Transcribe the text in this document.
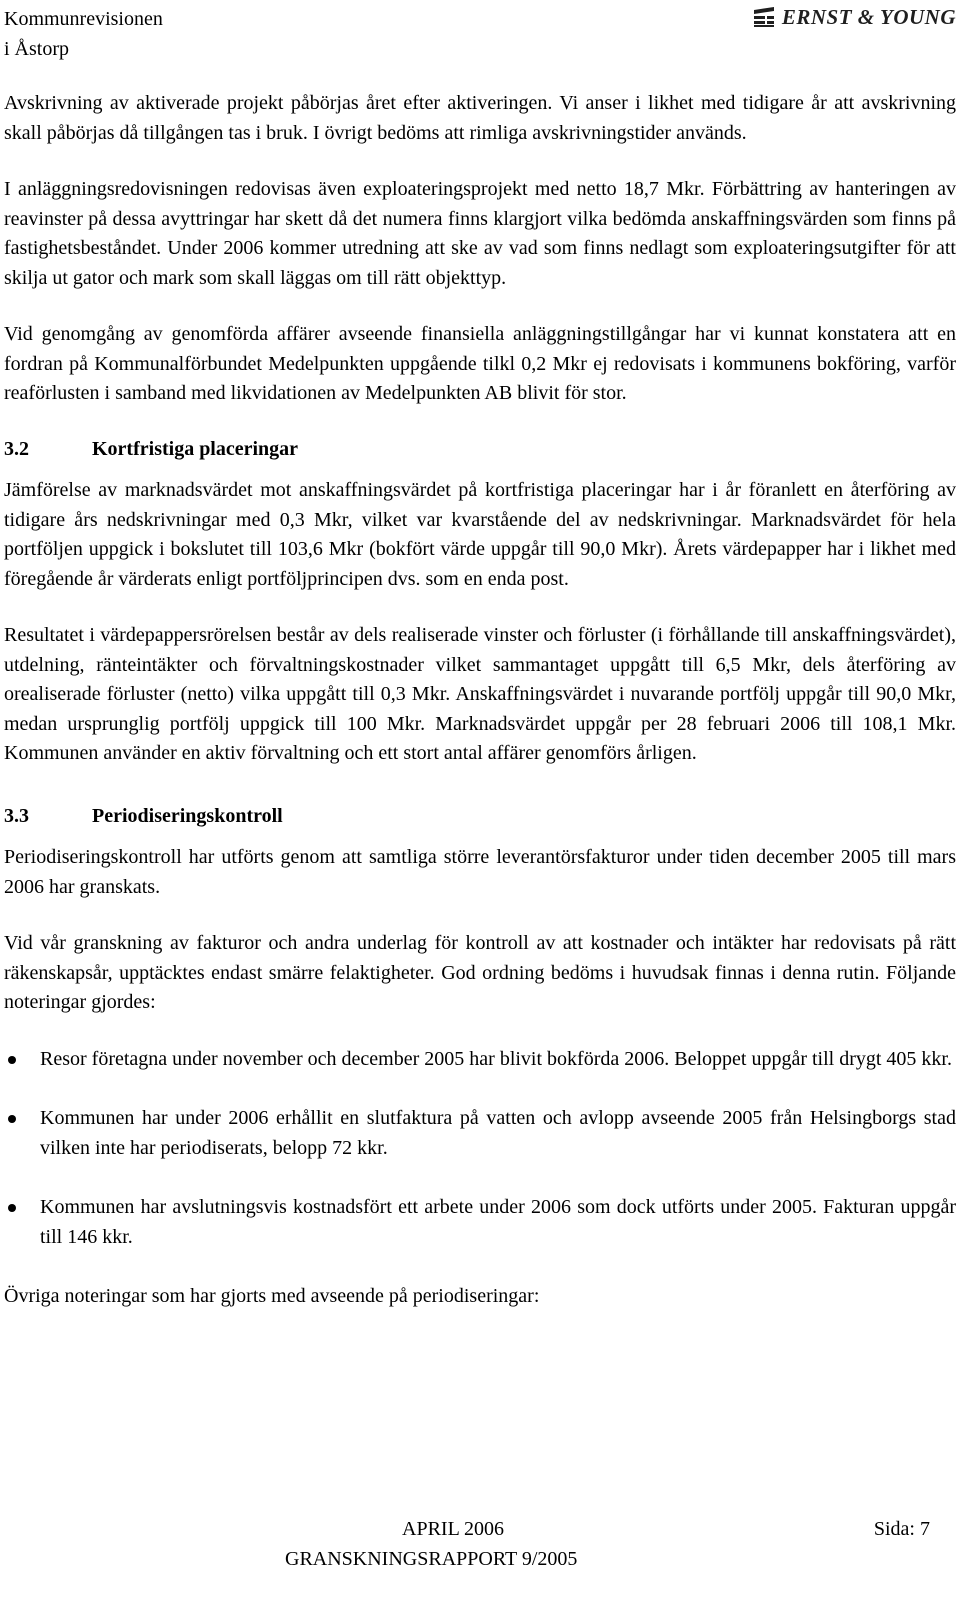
Kommunrevisionen
i Åstorp
ERNST & YOUNG

Avskrivning av aktiverade projekt påbörjas året efter aktiveringen. Vi anser i likhet med tidigare år att avskrivning skall påbörjas då tillgången tas i bruk. I övrigt bedöms att rimliga avskrivningstider används.

I anläggningsredovisningen redovisas även exploateringsprojekt med netto 18,7 Mkr. Förbättring av hanteringen av reavinster på dessa avyttringar har skett då det numera finns klargjort vilka bedömda anskaffningsvärden som finns på fastighetsbeståndet. Under 2006 kommer utredning att ske av vad som finns nedlagt som exploateringsutgifter för att skilja ut gator och mark som skall läggas om till rätt objekttyp.

Vid genomgång av genomförda affärer avseende finansiella anläggningstillgångar har vi kunnat konstatera att en fordran på Kommunalförbundet Medelpunkten uppgående tilkl 0,2 Mkr ej redovisats i kommunens bokföring, varför reaförlusten i samband med likvidationen av Medelpunkten AB blivit för stor.

3.2	Kortfristiga placeringar

Jämförelse av marknadsvärdet mot anskaffningsvärdet på kortfristiga placeringar har i år föranlett en återföring av tidigare års nedskrivningar med 0,3 Mkr, vilket var kvarstående del av nedskrivningar. Marknadsvärdet för hela portföljen uppgick i bokslutet till 103,6 Mkr (bokfört värde uppgår till 90,0 Mkr). Årets värdepapper har i likhet med föregående år värderats enligt portföljprincipen dvs. som en enda post.

Resultatet i värdepappersrörelsen består av dels realiserade vinster och förluster (i förhållande till anskaffningsvärdet), utdelning, ränteintäkter och förvaltningskostnader vilket sammantaget uppgått till 6,5 Mkr, dels återföring av orealiserade förluster (netto) vilka uppgått till 0,3 Mkr. Anskaffningsvärdet i nuvarande portfölj uppgår till 90,0 Mkr, medan ursprunglig portfölj uppgick till 100 Mkr. Marknadsvärdet uppgår per 28 februari 2006 till 108,1 Mkr. Kommunen använder en aktiv förvaltning och ett stort antal affärer genomförs årligen.

3.3	Periodiseringskontroll

Periodiseringskontroll har utförts genom att samtliga större leverantörsfakturor under tiden december 2005 till mars 2006 har granskats.

Vid vår granskning av fakturor och andra underlag för kontroll av att kostnader och intäkter har redovisats på rätt räkenskapsår, upptäcktes endast smärre felaktigheter. God ordning bedöms i huvudsak finnas i denna rutin. Följande noteringar gjordes:

Resor företagna under november och december 2005 har blivit bokförda 2006. Beloppet uppgår till drygt 405 kkr.
Kommunen har under 2006 erhållit en slutfaktura på vatten och avlopp avseende 2005 från Helsingborgs stad vilken inte har periodiserats, belopp 72 kkr.
Kommunen har avslutningsvis kostnadsfört ett arbete under 2006 som dock utförts under 2005. Fakturan uppgår till 146 kkr.

Övriga noteringar som har gjorts med avseende på periodiseringar:

APRIL 2006	Sida: 7
GRANSKNINGSRAPPORT 9/2005
